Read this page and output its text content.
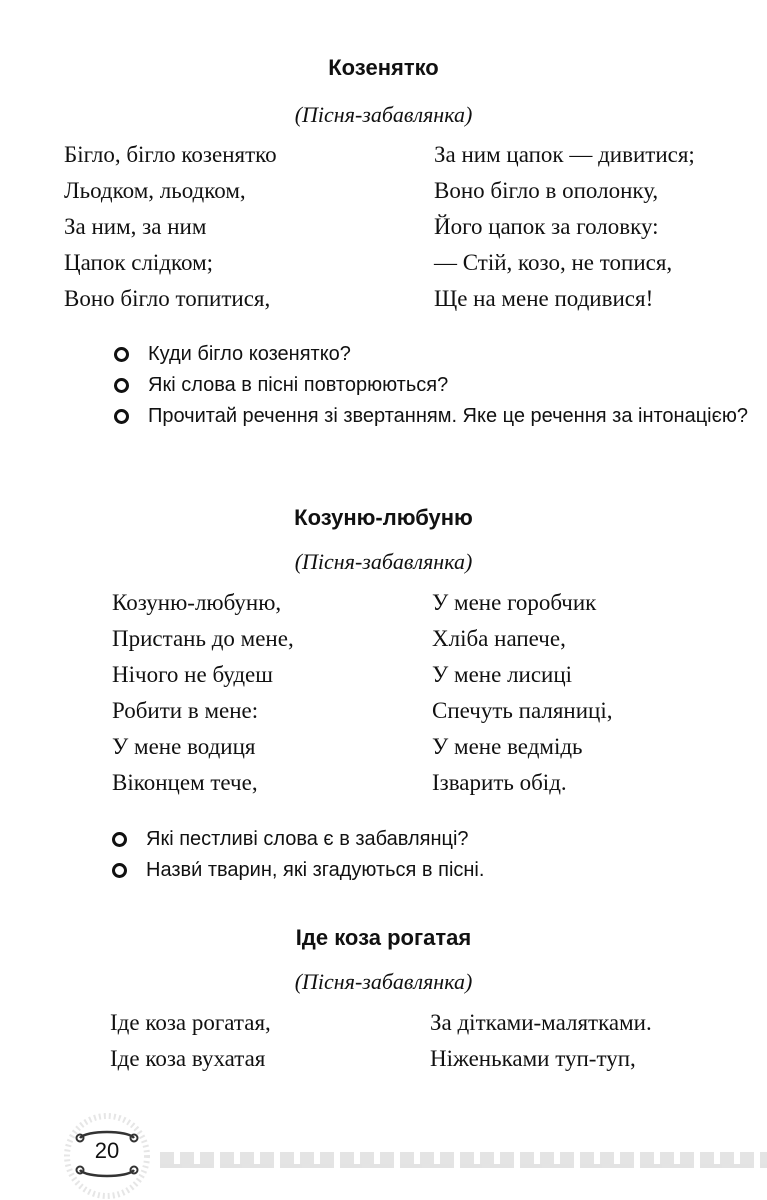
Козенятко
(Пісня-забавлянка)
Бігло, бігло козенятко
Льодком, льодком,
За ним, за ним
Цапок слідком;
Воно бігло топитися,
За ним цапок — дивитися;
Воно бігло в ополонку,
Його цапок за головку:
— Стій, козо, не топися,
Ще на мене подивися!
Куди бігло козенятко?
Які слова в пісні повторюються?
Прочитай речення зі звертанням. Яке це речення за інтонацією?
Козуню-любуню
(Пісня-забавлянка)
Козуню-любуню,
Пристань до мене,
Нічого не будеш
Робити в мене:
У мене водиця
Віконцем тече,
У мене горобчик
Хліба напече,
У мене лисиці
Спечуть паляниці,
У мене ведмідь
Ізварить обід.
Які пестливі слова є в забавлянці?
Назви́ тварин, які згадуються в пісні.
Іде коза рогатая
(Пісня-забавлянка)
Іде коза рогатая,
Іде коза вухатая
За дітками-малятками.
Ніженьками туп-туп,
20
